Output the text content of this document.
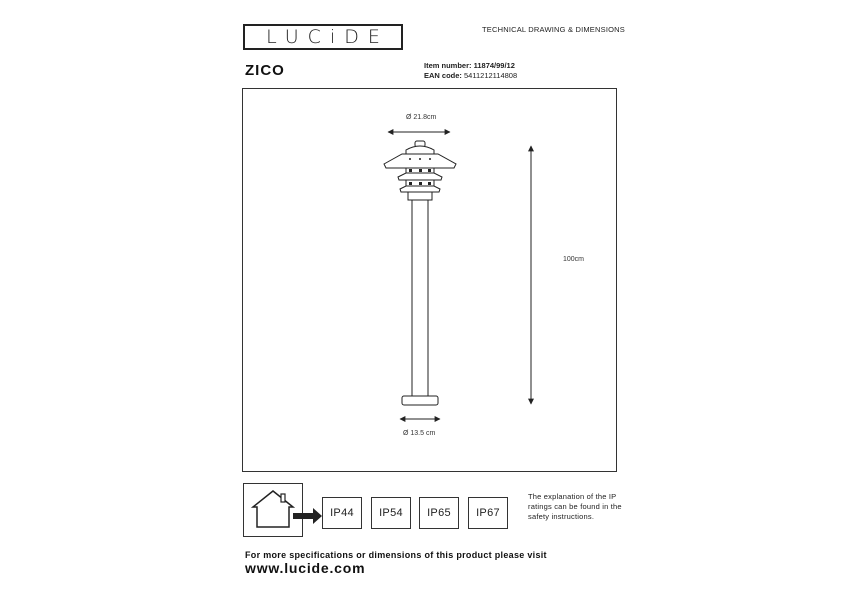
LUCiDE	TECHNICAL DRAWING & DIMENSIONS
ZICO	Item number: 11874/99/12
EAN code: 5411212114808
Ø 21.8cm
100cm
Ø 13.5 cm
IP44	IP54	IP65	IP67
The explanation of the IP ratings can be found in the safety instructions.
For more specifications or dimensions of this product please visit
www.lucide.com
